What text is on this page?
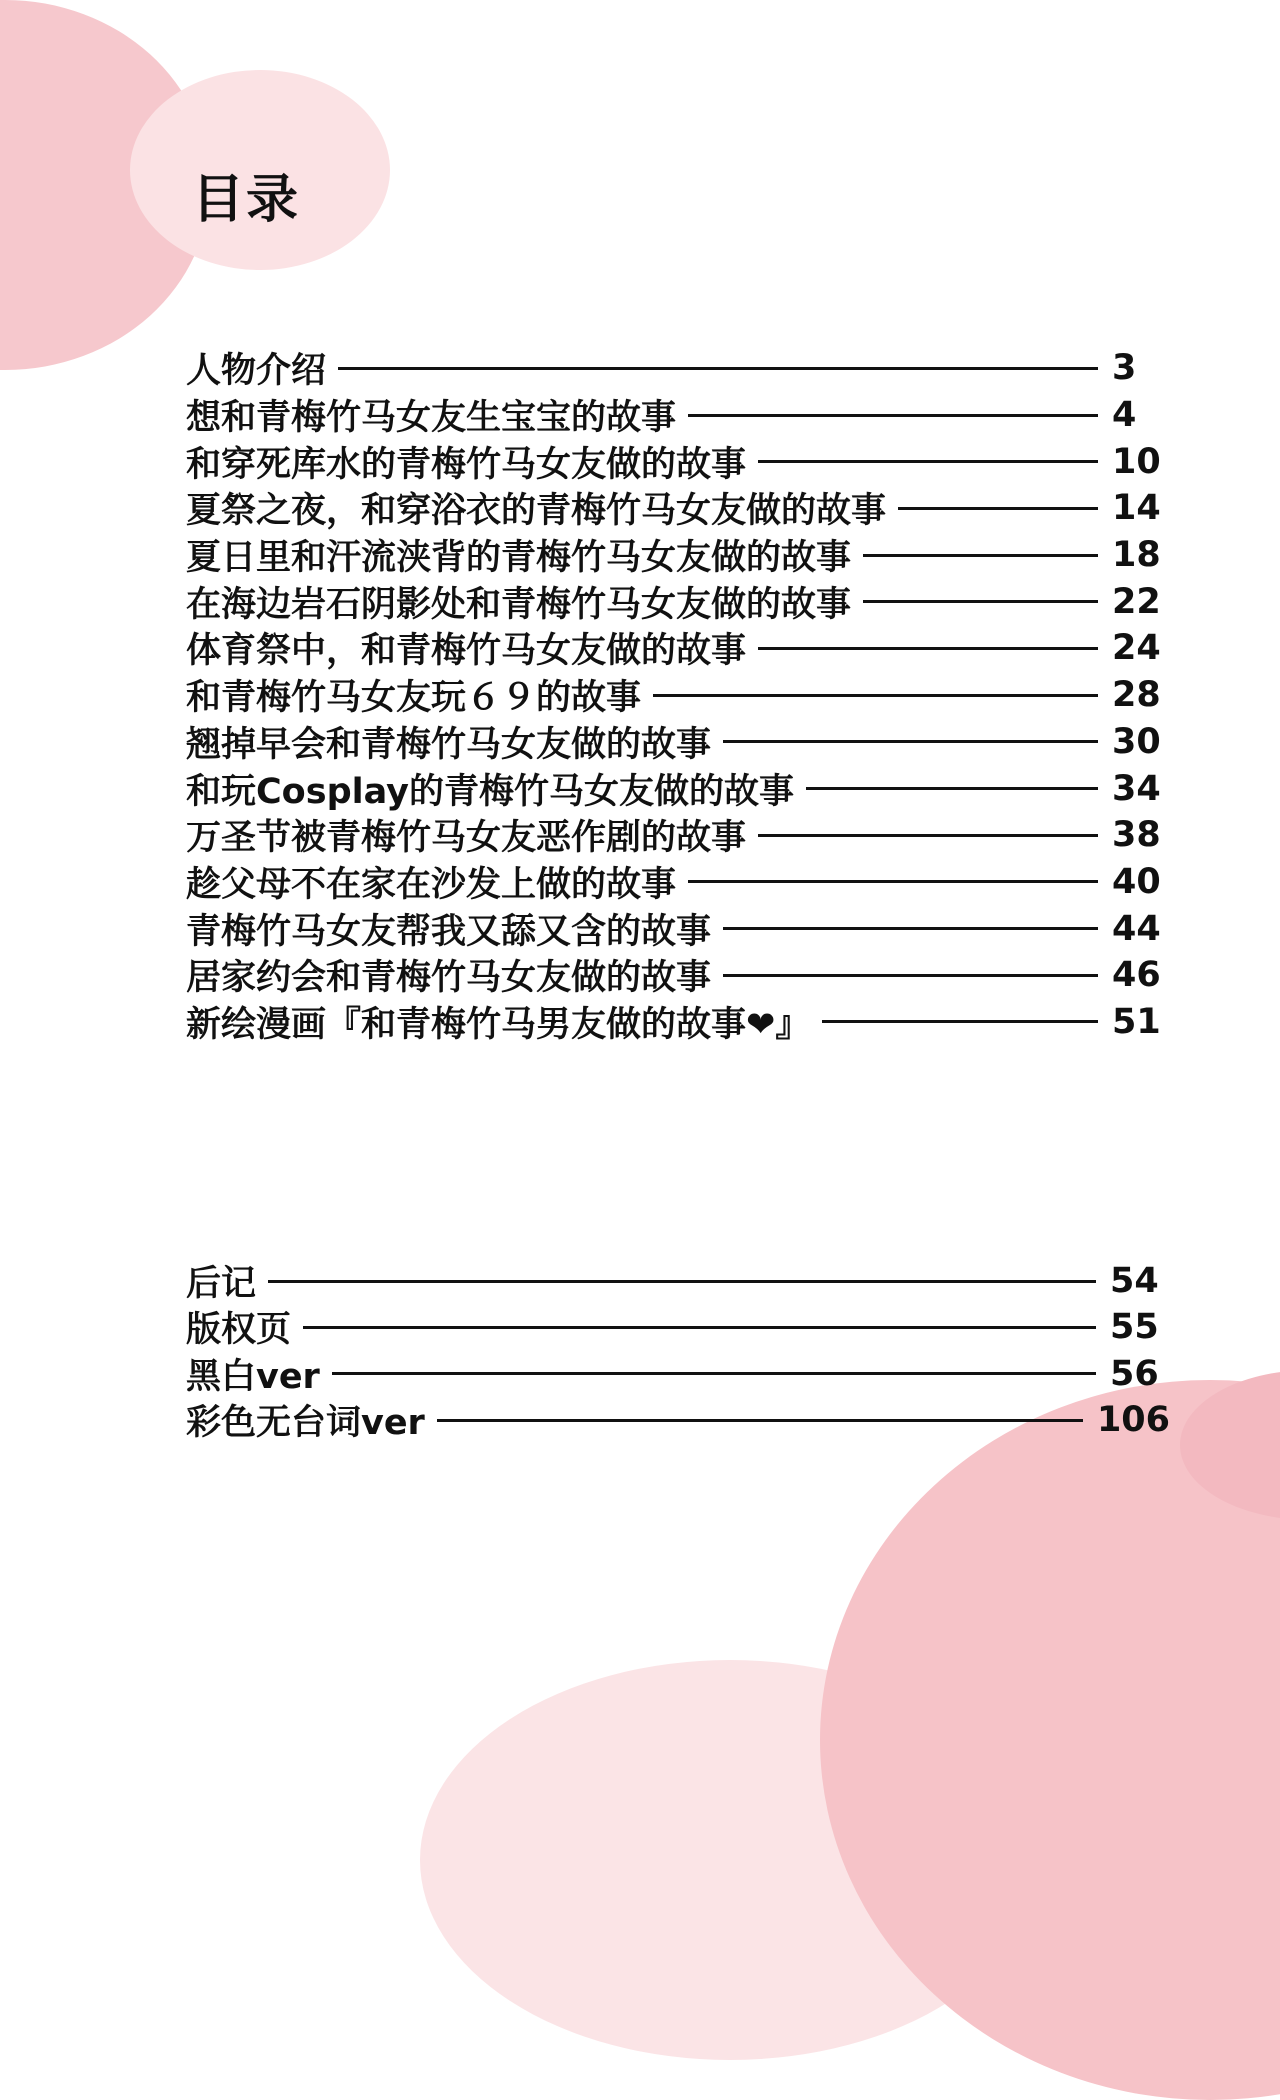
目录
人物介绍	3
想和青梅竹马女友生宝宝的故事	4
和穿死库水的青梅竹马女友做的故事	10
夏祭之夜，和穿浴衣的青梅竹马女友做的故事	14
夏日里和汗流浃背的青梅竹马女友做的故事	18
在海边岩石阴影处和青梅竹马女友做的故事	22
体育祭中，和青梅竹马女友做的故事	24
和青梅竹马女友玩６９的故事	28
翘掉早会和青梅竹马女友做的故事	30
和玩Cosplay的青梅竹马女友做的故事	34
万圣节被青梅竹马女友恶作剧的故事	38
趁父母不在家在沙发上做的故事	40
青梅竹马女友帮我又舔又含的故事	44
居家约会和青梅竹马女友做的故事	46
新绘漫画『和青梅竹马男友做的故事❤』	51
后记	54
版权页	55
黑白ver	56
彩色无台词ver	106
